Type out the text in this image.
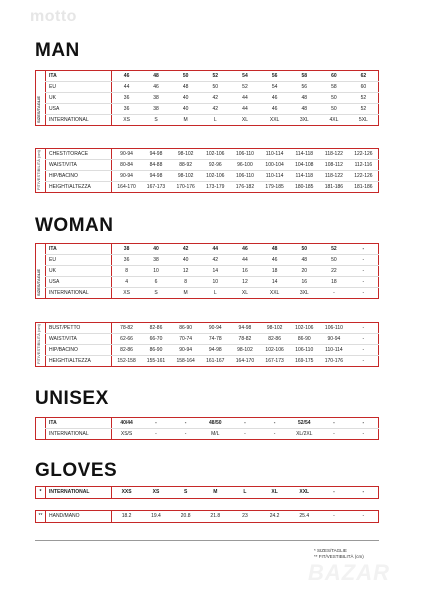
motto
MAN
SIZES/TAGLIE	ITA	46	48	50	52	54	56	58	60	62
	EU	44	46	48	50	52	54	56	58	60
	UK	36	38	40	42	44	46	48	50	52
	USA	36	38	40	42	44	46	48	50	52
	INTERNATIONAL	XS	S	M	L	XL	XXL	3XL	4XL	5XL
FIT/VESTIBILITÀ (cm)	CHEST/TORACE	90-94	94-98	98-102	102-106	106-110	110-114	114-118	118-122	122-126
	WAIST/VITA	80-84	84-88	88-92	92-96	96-100	100-104	104-108	108-112	112-116
	HIP/BACINO	90-94	94-98	98-102	102-106	106-110	110-114	114-118	118-122	122-126
	HEIGHT/ALTEZZA	164-170	167-173	170-176	173-179	176-182	179-185	180-185	181-186	181-186
WOMAN
SIZES/TAGLIE	ITA	38	40	42	44	46	48	50	52	-
	EU	36	38	40	42	44	46	48	50	-
	UK	8	10	12	14	16	18	20	22	-
	USA	4	6	8	10	12	14	16	18	-
	INTERNATIONAL	XS	S	M	L	XL	XXL	3XL	-	-
FIT/VESTIBILITÀ (cm)	BUST/PETTO	78-82	82-86	86-90	90-94	94-98	98-102	102-106	106-110	-
	WAIST/VITA	62-66	66-70	70-74	74-78	78-82	82-86	86-90	90-94	-
	HIP/BACINO	82-86	86-90	90-94	94-98	98-102	102-106	106-110	110-114	-
	HEIGHT/ALTEZZA	152-158	155-161	158-164	161-167	164-170	167-173	169-175	170-176	-
UNISEX
	ITA	40/44	-	-	48/50	-	-	52/54	-	-
	INTERNATIONAL	XS/S	-	-	M/L	-	-	XL/2XL	-	-
GLOVES
*	INTERNATIONAL	XXS	XS	S	M	L	XL	XXL	-	-
**	HAND/MANO	18.2	19.4	20.8	21.8	23	24.2	25.4	-	-
* SIZES/TAGLIE
** FIT/VESTIBILITÀ (cm)
BAZAR
